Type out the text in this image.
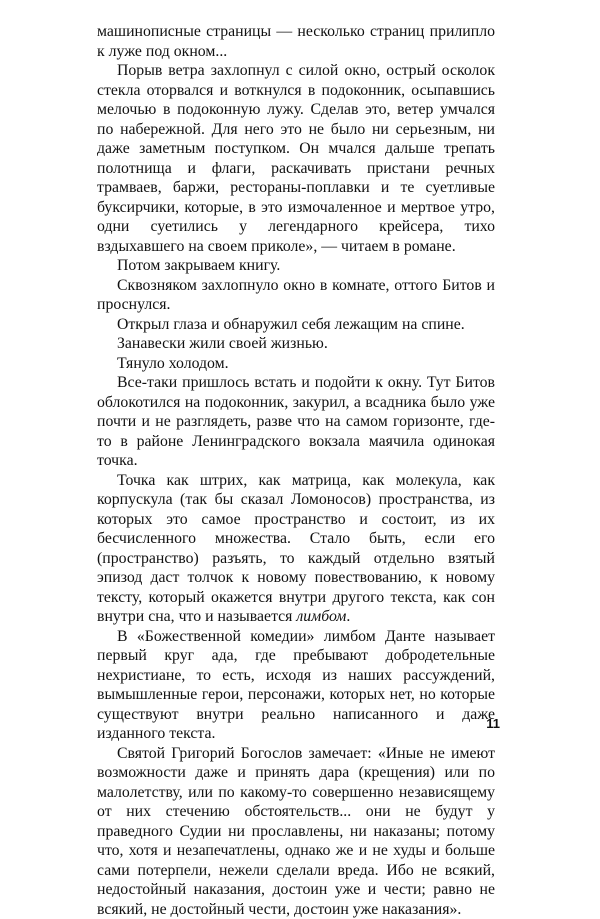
машинописные страницы — несколько страниц прилипло к луже под окном...

Порыв ветра захлопнул с силой окно, острый осколок стекла оторвался и воткнулся в подоконник, осыпавшись мелочью в подоконную лужу. Сделав это, ветер умчался по набережной. Для него это не было ни серьезным, ни даже заметным поступком. Он мчался дальше трепать полотнища и флаги, раскачивать пристани речных трамваев, баржи, рестораны-поплавки и те суетливые буксирчики, которые, в это измочаленное и мертвое утро, одни суетились у легендарного крейсера, тихо вздыхавшего на своем приколе», — читаем в романе.

Потом закрываем книгу.

Сквозняком захлопнуло окно в комнате, оттого Битов и проснулся.

Открыл глаза и обнаружил себя лежащим на спине.

Занавески жили своей жизнью.

Тянуло холодом.

Все-таки пришлось встать и подойти к окну. Тут Битов облокотился на подоконник, закурил, а всадника было уже почти и не разглядеть, разве что на самом горизонте, где-то в районе Ленинградского вокзала маячила одинокая точка.

Точка как штрих, как матрица, как молекула, как корпускула (так бы сказал Ломоносов) пространства, из которых это самое пространство и состоит, из их бесчисленного множества. Стало быть, если его (пространство) разъять, то каждый отдельно взятый эпизод даст толчок к новому повествованию, к новому тексту, который окажется внутри другого текста, как сон внутри сна, что и называется лимбом.

В «Божественной комедии» лимбом Данте называет первый круг ада, где пребывают добродетельные нехристиане, то есть, исходя из наших рассуждений, вымышленные герои, персонажи, которых нет, но которые существуют внутри реально написанного и даже изданного текста.

Святой Григорий Богослов замечает: «Иные не имеют возможности даже и принять дара (крещения) или по малолетству, или по какому-то совершенно независящему от них стечению обстоятельств... они не будут у праведного Судии ни прославлены, ни наказаны; потому что, хотя и незапечатлены, однако же и не худы и больше сами потерпели, нежели сделали вреда. Ибо не всякий, недостойный наказания, достоин уже и чести; равно не всякий, не достойный чести, достоин уже наказания».

11
